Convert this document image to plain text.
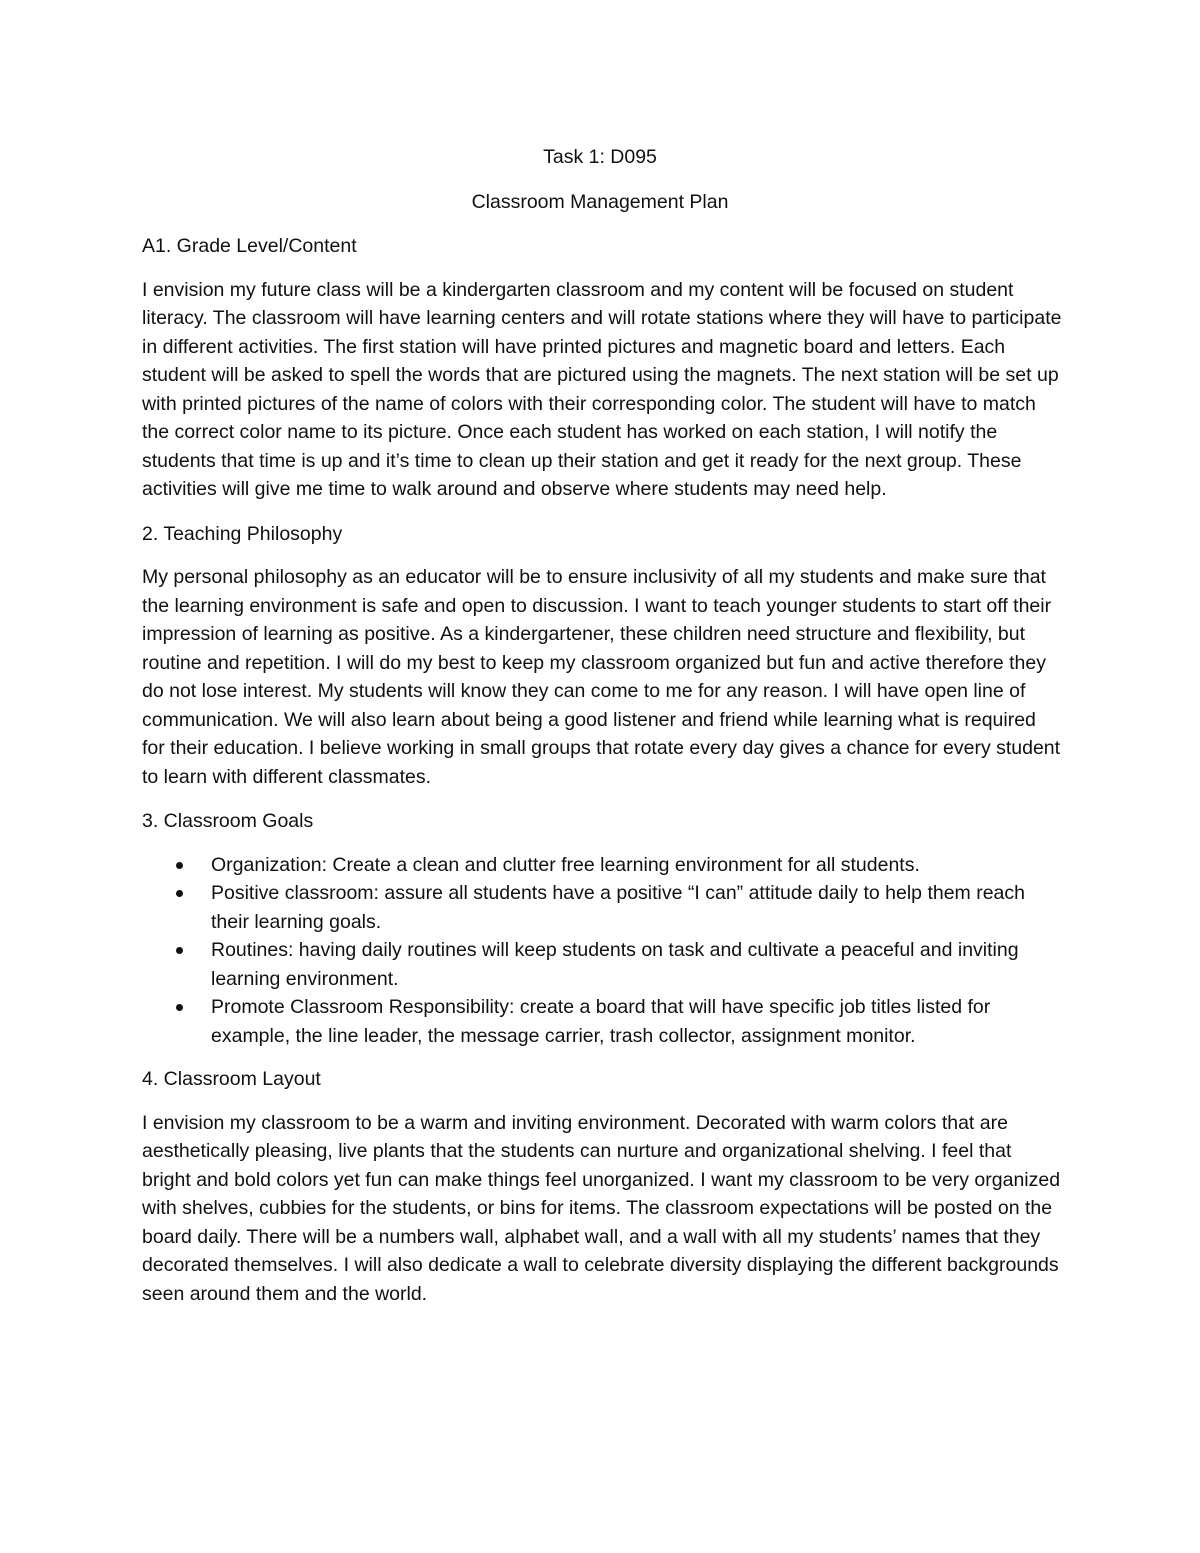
Task 1: D095

Classroom Management Plan

A1. Grade Level/Content

I envision my future class will be a kindergarten classroom and my content will be focused on student literacy. The classroom will have learning centers and will rotate stations where they will have to participate in different activities. The first station will have printed pictures and magnetic board and letters. Each student will be asked to spell the words that are pictured using the magnets. The next station will be set up with printed pictures of the name of colors with their corresponding color. The student will have to match the correct color name to its picture. Once each student has worked on each station, I will notify the students that time is up and it’s time to clean up their station and get it ready for the next group. These activities will give me time to walk around and observe where students may need help.

2. Teaching Philosophy

My personal philosophy as an educator will be to ensure inclusivity of all my students and make sure that the learning environment is safe and open to discussion. I want to teach younger students to start off their impression of learning as positive. As a kindergartener, these children need structure and flexibility, but routine and repetition. I will do my best to keep my classroom organized but fun and active therefore they do not lose interest. My students will know they can come to me for any reason. I will have open line of communication. We will also learn about being a good listener and friend while learning what is required for their education. I believe working in small groups that rotate every day gives a chance for every student to learn with different classmates.

3. Classroom Goals

Organization: Create a clean and clutter free learning environment for all students.
Positive classroom: assure all students have a positive “I can” attitude daily to help them reach their learning goals.
Routines: having daily routines will keep students on task and cultivate a peaceful and inviting learning environment.
Promote Classroom Responsibility: create a board that will have specific job titles listed for example, the line leader, the message carrier, trash collector, assignment monitor.

4. Classroom Layout

I envision my classroom to be a warm and inviting environment. Decorated with warm colors that are aesthetically pleasing, live plants that the students can nurture and organizational shelving. I feel that bright and bold colors yet fun can make things feel unorganized. I want my classroom to be very organized with shelves, cubbies for the students, or bins for items. The classroom expectations will be posted on the board daily. There will be a numbers wall, alphabet wall, and a wall with all my students’ names that they decorated themselves. I will also dedicate a wall to celebrate diversity displaying the different backgrounds seen around them and the world.
